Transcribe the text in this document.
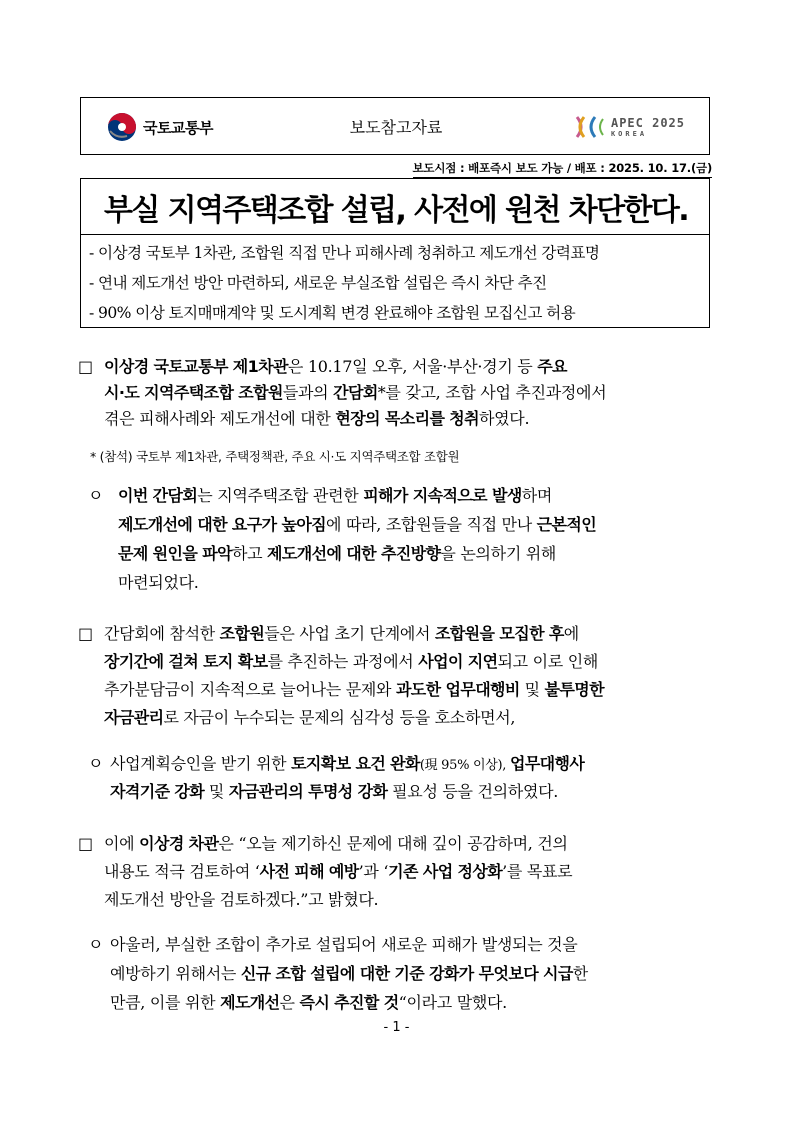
국토교통부	보도참고자료	APEC 2025
KOREA
보도시점 : 배포즉시 보도 가능 / 배포 : 2025. 10. 17.(금)
부실 지역주택조합 설립, 사전에 원천 차단한다.
- 이상경 국토부 1차관, 조합원 직접 만나 피해사례 청취하고 제도개선 강력표명
- 연내 제도개선 방안 마련하되, 새로운 부실조합 설립은 즉시 차단 추진
- 90% 이상 토지매매계약 및 도시계획 변경 완료해야 조합원 모집신고 허용
□ 이상경 국토교통부 제1차관은 10.17일 오후, 서울·부산·경기 등 주요
시·도 지역주택조합 조합원들과의 간담회*를 갖고, 조합 사업 추진과정에서
겪은 피해사례와 제도개선에 대한 현장의 목소리를 청취하였다.
* (참석) 국토부 제1차관, 주택정책관, 주요 시·도 지역주택조합 조합원
ㅇ 이번 간담회는 지역주택조합 관련한 피해가 지속적으로 발생하며
제도개선에 대한 요구가 높아짐에 따라, 조합원들을 직접 만나 근본적인
문제 원인을 파악하고 제도개선에 대한 추진방향을 논의하기 위해
마련되었다.
□ 간담회에 참석한 조합원들은 사업 초기 단계에서 조합원을 모집한 후에
장기간에 걸쳐 토지 확보를 추진하는 과정에서 사업이 지연되고 이로 인해
추가분담금이 지속적으로 늘어나는 문제와 과도한 업무대행비 및 불투명한
자금관리로 자금이 누수되는 문제의 심각성 등을 호소하면서,
ㅇ 사업계획승인을 받기 위한 토지확보 요건 완화(現 95% 이상), 업무대행사
자격기준 강화 및 자금관리의 투명성 강화 필요성 등을 건의하였다.
□ 이에 이상경 차관은 “오늘 제기하신 문제에 대해 깊이 공감하며, 건의
내용도 적극 검토하여 ‘사전 피해 예방’과 ‘기존 사업 정상화’를 목표로
제도개선 방안을 검토하겠다.”고 밝혔다.
ㅇ 아울러, 부실한 조합이 추가로 설립되어 새로운 피해가 발생되는 것을
예방하기 위해서는 신규 조합 설립에 대한 기준 강화가 무엇보다 시급한
만큼, 이를 위한 제도개선은 즉시 추진할 것“이라고 말했다.
- 1 -
